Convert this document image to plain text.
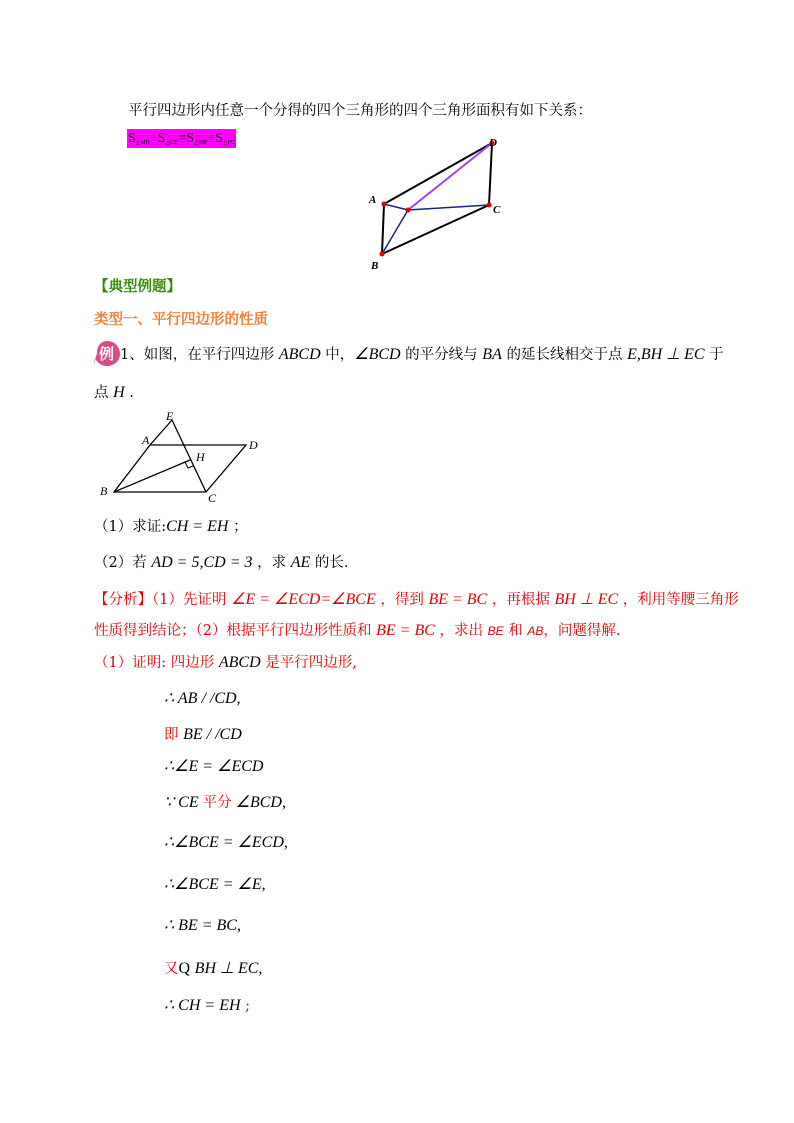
平行四边形内任意一个分得的四个三角形的四个三角形面积有如下关系：
$S_{\triangle MB}+S_{\triangle CD}=S_{\triangle MP}+S_{\triangle PC}$
A
D
C
B
【典型例题】
类型一、平行四边形的性质
例 1、如图，在平行四边形 ABCD 中，∠BCD 的平分线与 BA 的延长线相交于点 E,BH ⊥ EC 于
点 H .
E
A	D
H
B	C
（1）求证:CH = EH ；
（2）若 AD = 5,CD = 3 ，求 AE 的长.
【分析】（1）先证明 ∠E = ∠ECD=∠BCE ，得到 BE = BC ，再根据 BH ⊥ EC ，利用等腰三角形
性质得到结论；（2）根据平行四边形性质和 BE = BC ，求出 BE 和 AB，问题得解.
（1）证明: 四边形 ABCD 是平行四边形,
∴ AB / /CD,
即 BE / /CD
∴∠E = ∠ECD
∵ CE 平分 ∠BCD,
∴∠BCE = ∠ECD,
∴∠BCE = ∠E,
∴ BE = BC,
又Q BH ⊥ EC,
∴ CH = EH ;
